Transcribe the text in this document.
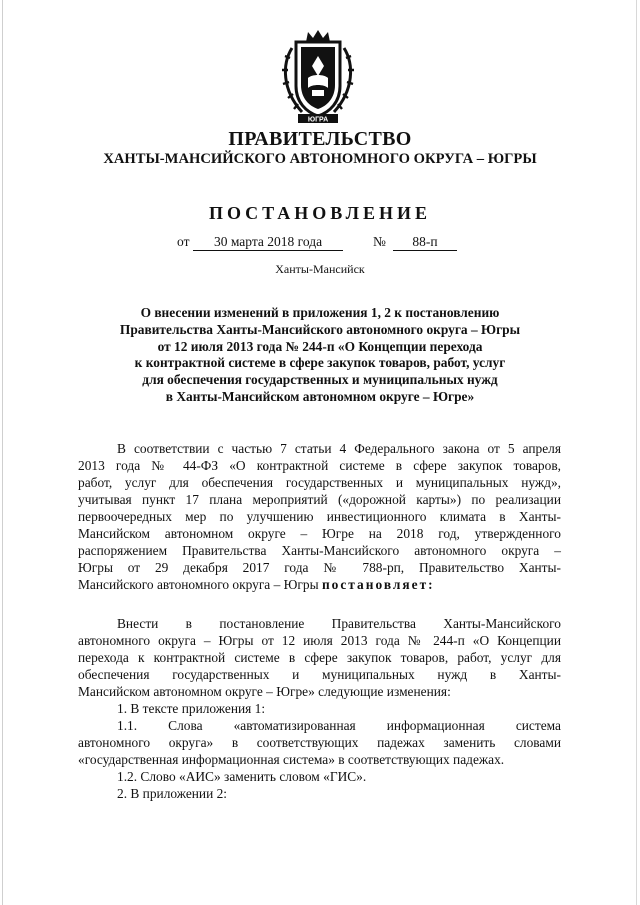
ЮГРА
ПРАВИТЕЛЬСТВО
ХАНТЫ-МАНСИЙСКОГО АВТОНОМНОГО ОКРУГА – ЮГРЫ
ПОСТАНОВЛЕНИЕ
от	30 марта 2018 года	№	88-п
Ханты-Мансийск
О внесении изменений в приложения 1, 2 к постановлению
Правительства Ханты-Мансийского автономного округа – Югры
от 12 июля 2013 года № 244-п «О Концепции перехода
к контрактной системе в сфере закупок товаров, работ, услуг
для обеспечения государственных и муниципальных нужд
в Ханты-Мансийском автономном округе – Югре»
В соответствии с частью 7 статьи 4 Федерального закона от 5 апреля
2013 года № 44-ФЗ «О контрактной системе в сфере закупок товаров,
работ, услуг для обеспечения государственных и муниципальных нужд»,
учитывая пункт 17 плана мероприятий («дорожной карты») по реализации
первоочередных мер по улучшению инвестиционного климата в Ханты-
Мансийском автономном округе – Югре на 2018 год, утвержденного
распоряжением Правительства Ханты-Мансийского автономного округа –
Югры от 29 декабря 2017 года № 788-рп, Правительство Ханты-
Мансийского автономного округа – Югры постановляет:
Внести в постановление Правительства Ханты-Мансийского
автономного округа – Югры от 12 июля 2013 года № 244-п «О Концепции
перехода к контрактной системе в сфере закупок товаров, работ, услуг для
обеспечения государственных и муниципальных нужд в Ханты-
Мансийском автономном округе – Югре» следующие изменения:
1. В тексте приложения 1:
1.1. Слова «автоматизированная информационная система
автономного округа» в соответствующих падежах заменить словами
«государственная информационная система» в соответствующих падежах.
1.2. Слово «АИС» заменить словом «ГИС».
2. В приложении 2:
